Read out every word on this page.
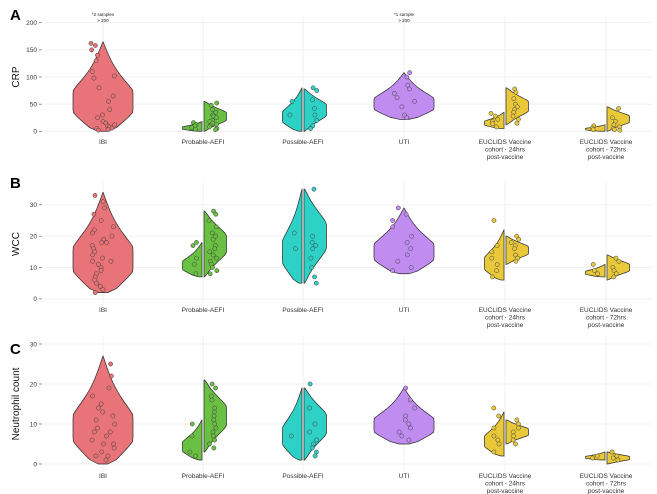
0
50
100
150
200
A
CRP
*2 samples
> 200
IBI	Probable-AEFI	Possible-AEFI
*1 sample
> 200
UTI	EUCLIDS Vaccine
cohort - 24hrs
post-vaccine
EUCLIDS Vaccine
cohort - 72hrs
post-vaccine
0
10
20
30
B
WCC
IBI	Probable-AEFI	Possible-AEFI	UTI	EUCLIDS Vaccine
cohort - 24hrs
post-vaccine
EUCLIDS Vaccine
cohort - 72hrs
post-vaccine
0
10
20
30
C
Neutrophil count
IBI	Probable-AEFI	Possible-AEFI	UTI	EUCLIDS Vaccine
cohort - 24hrs
post-vaccine
EUCLIDS Vaccine
cohort - 72hrs
post-vaccine
